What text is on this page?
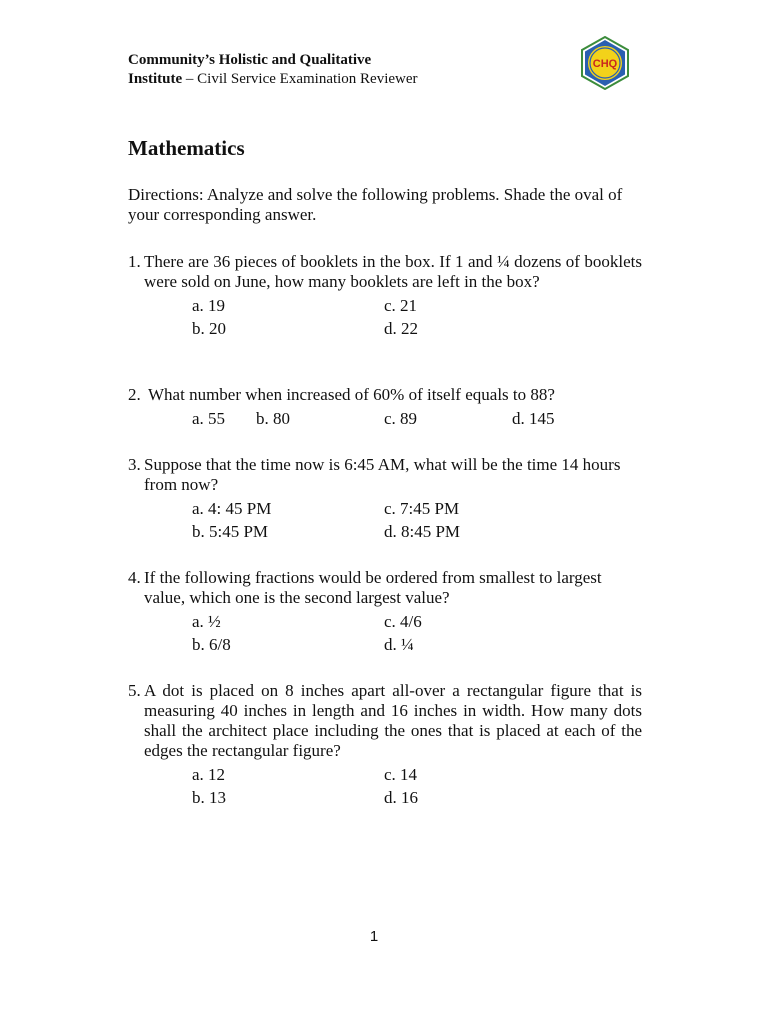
Community’s Holistic and Qualitative
Institute – Civil Service Examination Reviewer
CHQ
Mathematics
Directions: Analyze and solve the following problems. Shade the oval of your corresponding answer.
1. There are 36 pieces of booklets in the box. If 1 and ¼ dozens of booklets were sold on June, how many booklets are left in the box?
a. 19	c. 21
b. 20	d. 22
2. What number when increased of 60% of itself equals to 88?
a. 55	b. 80	c. 89	d. 145
3. Suppose that the time now is 6:45 AM, what will be the time 14 hours from now?
a. 4: 45 PM	c. 7:45 PM
b. 5:45 PM	d. 8:45 PM
4. If the following fractions would be ordered from smallest to largest value, which one is the second largest value?
a. ½	c. 4/6
b. 6/8	d. ¼
5. A dot is placed on 8 inches apart all-over a rectangular figure that is measuring 40 inches in length and 16 inches in width. How many dots shall the architect place including the ones that is placed at each of the edges the rectangular figure?
a. 12	c. 14
b. 13	d. 16
1
